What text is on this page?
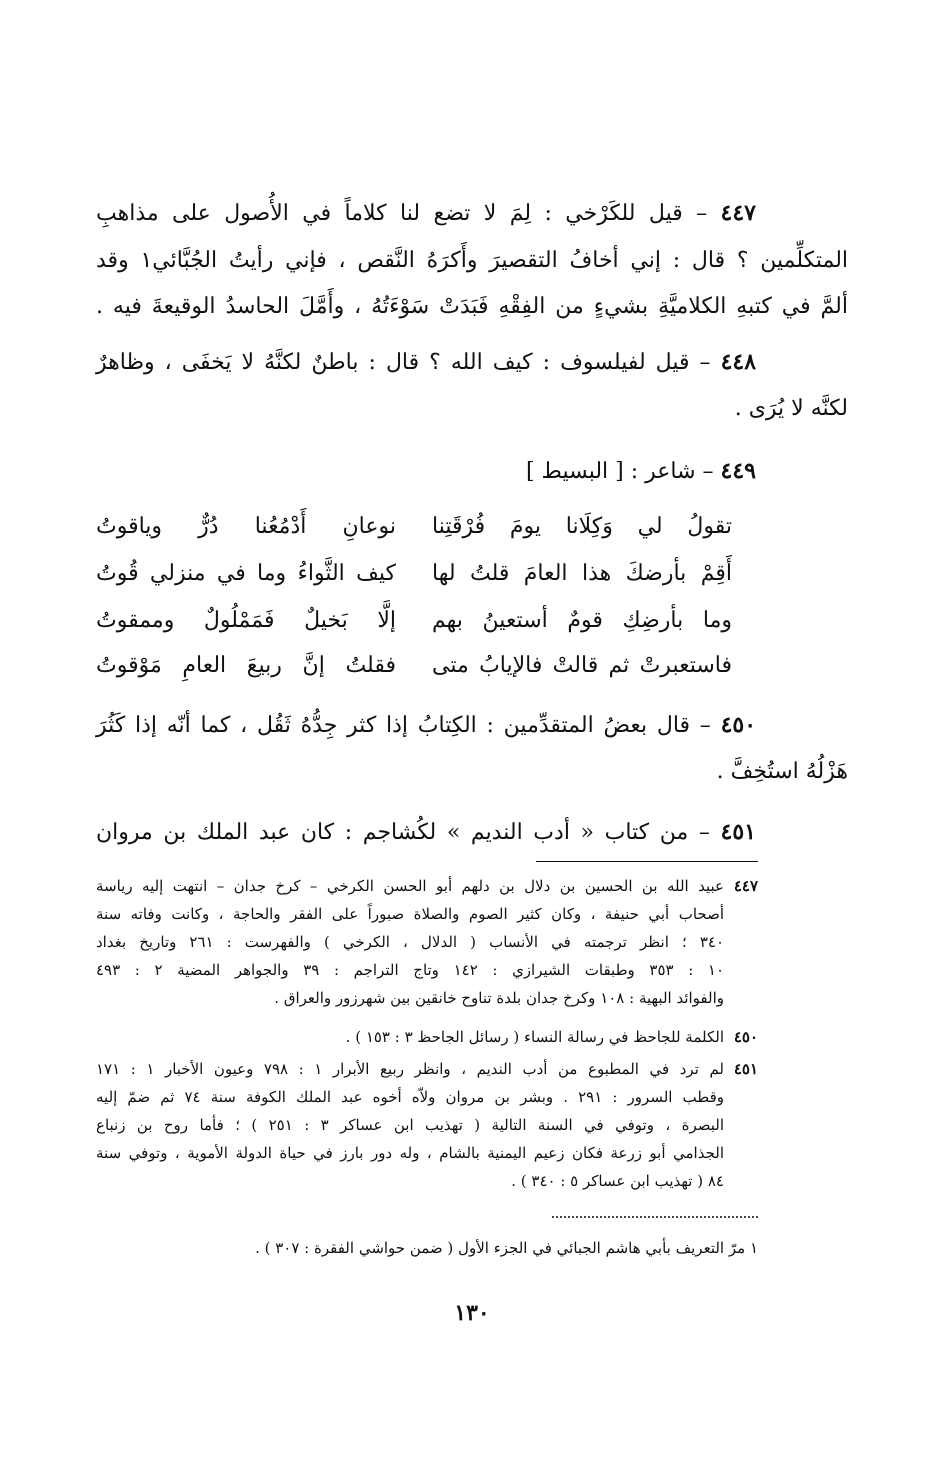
٤٤٧ – قيل للكَرْخي : لِمَ لا تضع لنا كلاماً في الأُصول على مذاهبِ
المتكلِّمين ؟ قال : إني أخافُ التقصيرَ وأَكرَهُ النَّقص ، فإني رأيتُ الجُبَّائي١ وقد
ألمَّ في كتبهِ الكلاميَّةِ بشيءٍ من الفِقْهِ فَبَدَتْ سَوْءَتُهُ ، وأَمَّلَ الحاسدُ الوقيعةَ فيه .
٤٤٨ – قيل لفيلسوف : كيف الله ؟ قال : باطنٌ لكنَّهُ لا يَخفَى ، وظاهرٌ
لكنَّه لا يُرَى .
٤٤٩ – شاعر : [ البسيط ]
تقولُ لي وَكِلَانا يومَ فُرْقَتِنا
نوعانِ أَدْمُعُنا دُرٌّ وياقوتُ
أَقِمْ بأرضكَ هذا العامَ قلتُ لها
كيف الثَّواءُ وما في منزلي قُوتُ
وما بأرضِكِ قومٌ أستعينُ بهم
إلَّا بَخيلٌ فَمَمْلُولٌ وممقوتُ
فاستعبرتْ ثم قالتْ فالإيابُ متى
فقلتُ إنَّ ربيعَ العامِ مَوْقوتُ
٤٥٠ – قال بعضُ المتقدِّمين : الكِتابُ إذا كثر جِدُّهُ ثَقُل ، كما أنّه إذا كَثُرَ
هَزْلُهُ استُخِفَّ .
٤٥١ – من كتاب « أدب النديم » لكُشاجم : كان عبد الملك بن مروان
٤٤٧
عبيد الله بن الحسين بن دلال بن دلهم أبو الحسن الكرخي – كرخ جدان – انتهت إليه رياسة
أصحاب أبي حنيفة ، وكان كثير الصوم والصلاة صبوراً على الفقر والحاجة ، وكانت وفاته سنة
٣٤٠ ؛ انظر ترجمته في الأنساب ( الدلال ، الكرخي ) والفهرست : ٢٦١ وتاريخ بغداد
١٠ : ٣٥٣ وطبقات الشيرازي : ١٤٢ وتاج التراجم : ٣٩ والجواهر المضية ٢ : ٤٩٣
والفوائد البهية : ١٠٨ وكرخ جدان بلدة تناوح خانقين بين شهرزور والعراق .
٤٥٠
الكلمة للجاحظ في رسالة النساء ( رسائل الجاحظ ٣ : ١٥٣ ) .
٤٥١
لم ترد في المطبوع من أدب النديم ، وانظر ربيع الأبرار ١ : ٧٩٨ وعيون الأخبار ١ : ١٧١
وقطب السرور : ٢٩١ . وبشر بن مروان ولاّه أخوه عبد الملك الكوفة سنة ٧٤ ثم ضمّ إليه
البصرة ، وتوفي في السنة التالية ( تهذيب ابن عساكر ٣ : ٢٥١ ) ؛ فأما روح بن زنباع
الجذامي أبو زرعة فكان زعيم اليمنية بالشام ، وله دور بارز في حياة الدولة الأموية ، وتوفي سنة
٨٤ ( تهذيب ابن عساكر ٥ : ٣٤٠ ) .
١ مرّ التعريف بأبي هاشم الجبائي في الجزء الأول ( ضمن حواشي الفقرة : ٣٠٧ ) .
١٣٠
